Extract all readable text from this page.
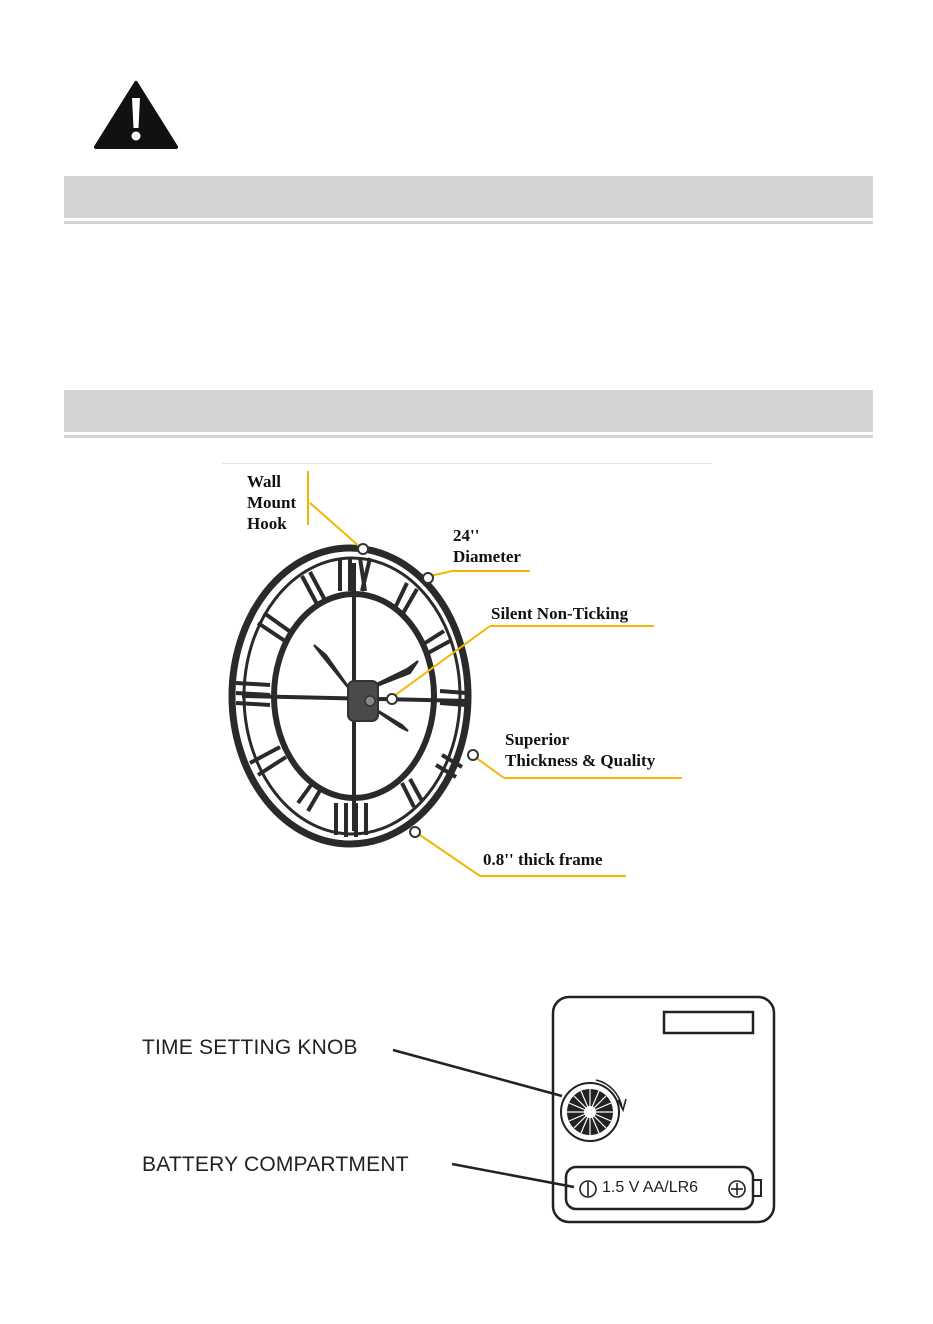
Wall
Mount
Hook
24''
Diameter
Silent Non-Ticking
Superior
Thickness & Quality
0.8'' thick frame
TIME SETTING KNOB
BATTERY COMPARTMENT
1.5 V AA/LR6
